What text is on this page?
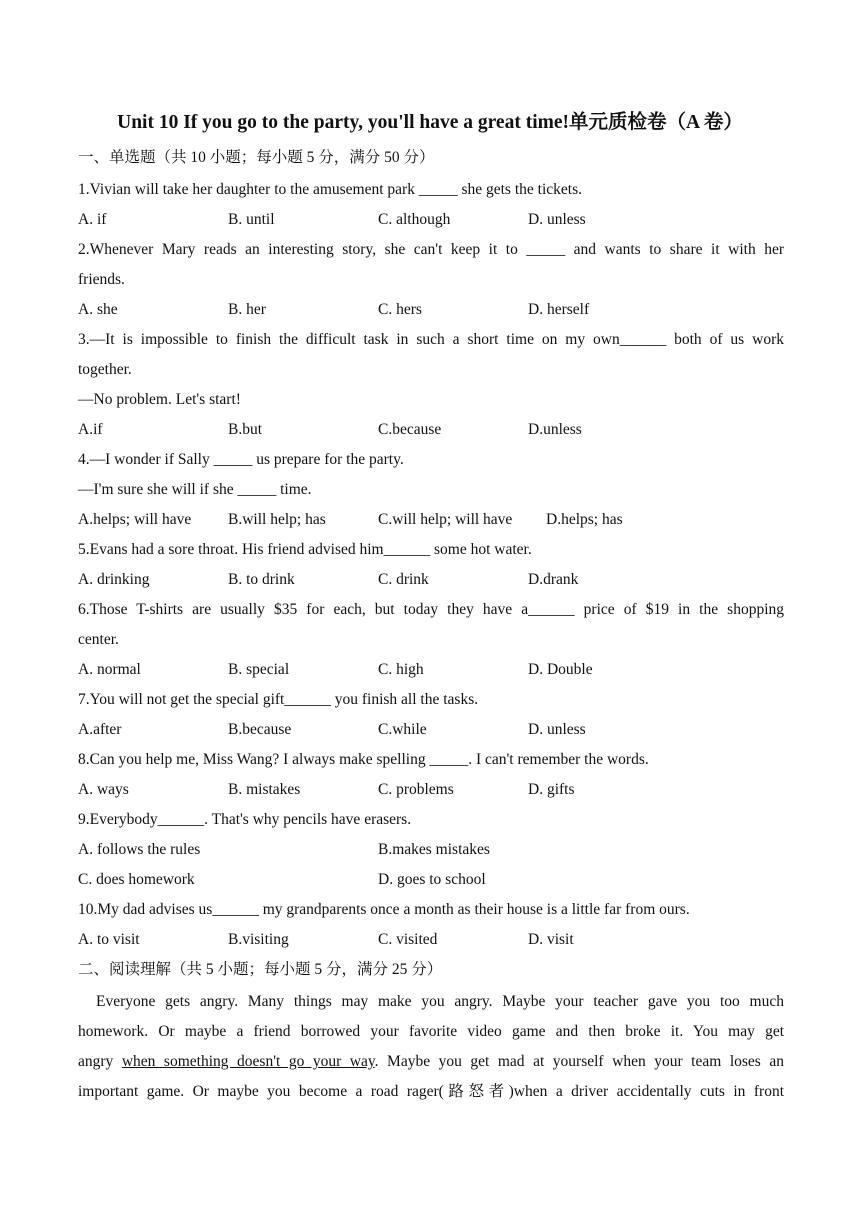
Unit 10 If you go to the party, you'll have a great time!单元质检卷（A 卷）
一、单选题（共 10 小题；每小题 5 分，满分 50 分）
1.Vivian will take her daughter to the amusement park _____ she gets the tickets.
A. if	B. until	C. although	D. unless
2.Whenever Mary reads an interesting story, she can't keep it to _____ and wants to share it with her
friends.
A. she	B. her	C. hers	D. herself
3.—It is impossible to finish the difficult task in such a short time on my own______ both of us work
together.
—No problem. Let's start!
A.if	B.but	C.because	D.unless
4.—I wonder if Sally _____ us prepare for the party.
—I'm sure she will if she _____ time.
A.helps; will have B.will help; has	C.will help; will have D.helps; has
5.Evans had a sore throat. His friend advised him______ some hot water.
A. drinking	B. to drink	C. drink	D.drank
6.Those T-shirts are usually $35 for each, but today they have a______ price of $19 in the shopping
center.
A. normal	B. special	C. high	D. Double
7.You will not get the special gift______ you finish all the tasks.
A.after	B.because	C.while	D. unless
8.Can you help me, Miss Wang? I always make spelling _____. I can't remember the words.
A. ways	B. mistakes	C. problems	D. gifts
9.Everybody______. That's why pencils have erasers.
A. follows the rules	B.makes mistakes
C. does homework	D. goes to school
10.My dad advises us______ my grandparents once a month as their house is a little far from ours.
A. to visit	B.visiting	C. visited	D. visit
二、阅读理解（共 5 小题；每小题 5 分，满分 25 分）
Everyone gets angry. Many things may make you angry. Maybe your teacher gave you too much
homework. Or maybe a friend borrowed your favorite video game and then broke it. You may get
angry when something doesn't go your way. Maybe you get mad at yourself when your team loses an
important game. Or maybe you become a road rager(路怒者)when a driver accidentally cuts in front
